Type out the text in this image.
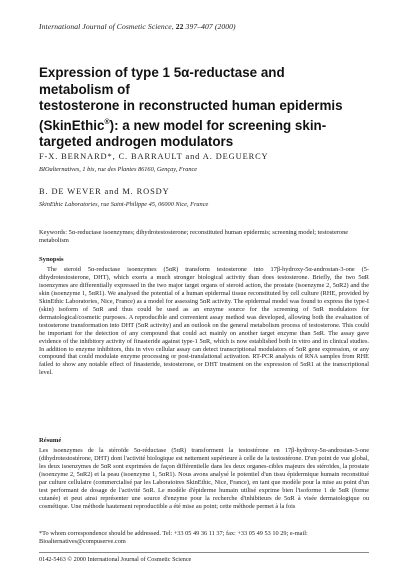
International Journal of Cosmetic Science, 22 397–407 (2000)
Expression of type 1 5α-reductase and metabolism of
testosterone in reconstructed human epidermis
(SkinEthic®): a new model for screening skin-
targeted androgen modulators
F-X. BERNARD*, C. BARRAULT and A. DEGUERCY
BIOalternatives, 1 bis, rue des Plantes 86160, Gençay, France
B. DE WEVER and M. ROSDY
SkinEthic Laboratories, rue Saint-Philippe 45, 06000 Nice, France
Keywords: 5α-reductase isoenzymes; dihydrotestosterone; reconstituted human epidermis; screening model; testosterone metabolism
Synopsis
The steroid 5α-reductase isoenzymes (5αR) transform testosterone into 17β-hydroxy-5α-androstan-3-one (5-dihydrotestosterone, DHT), which exerts a much stronger biological activity than does testosterone. Briefly, the two 5αR isoenzymes are differentially expressed in the two major target organs of steroid action, the prostate (isoenzyme 2, 5αR2) and the skin (isoenzyme 1, 5αR1). We analysed the potential of a human epidermal tissue reconstituted by cell culture (RHE, provided by SkinEthic Laboratories, Nice, France) as a model for assessing 5αR activity. The epidermal model was found to express the type-I (skin) isoform of 5αR and thus could be used as an enzyme source for the screening of 5αR modulators for dermatological/cosmetic purposes. A reproducible and convenient assay method was developed, allowing both the evaluation of testosterone transformation into DHT (5αR activity) and an outlook on the general metabolism process of testosterone. This could be important for the detection of any compound that could act mainly on another target enzyme than 5αR. The assay gave evidence of the inhibitory activity of finasteride against type-1 5αR, which is now established both in vitro and in clinical studies. In addition to enzyme inhibitors, this in vivo cellular assay can detect transcriptional modulators of 5αR gene expression, or any compound that could modulate enzyme processing or post-translational activation. RT-PCR analysis of RNA samples from RHE failed to show any notable effect of finasteride, testosterone, or DHT treatment on the expression of 5αR1 at the transcriptional level.
Résumé
Les isoenzymes de la stéroïde 5α-réductase (5αR) transforment la testostérone en 17β-hydroxy-5α-androstan-3-one (dihydrotestostérone, DHT) dont l'activité biologique est nettement supérieure à celle de la testostérone. D'un point de vue global, les deux isoenzymes de 5αR sont exprimées de façon différentielle dans les deux organes-cibles majeurs des stéroïdes, la prostate (isoenzyme 2, 5αR2) et la peau (isoenzyme 1, 5αR1). Nous avons analysé le potentiel d'un tissu épidermique humain reconstitué par culture cellulaire (commercialisé par les Laboratoires SkinEthic, Nice, France), en tant que modèle pour la mise au point d'un test performant de dosage de l'activité 5αR. Le modèle d'épiderme humain utilisé exprime bien l'isoforme 1 de 5αR (forme cutanée) et peut ainsi représenter une source d'enzyme pour la recherche d'inhibiteurs de 5αR à visée dermatologique ou cosmétique. Une méthode hautement reproductible a été mise au point; cette méthode permet à la fois
*To whom correspondence should be addressed. Tel: +33 05 49 36 11 37; fax: +33 05 49 53 10 29; e-mail:
Bioalternatives@compuserve.com
0142-5463 © 2000 International Journal of Cosmetic Science
